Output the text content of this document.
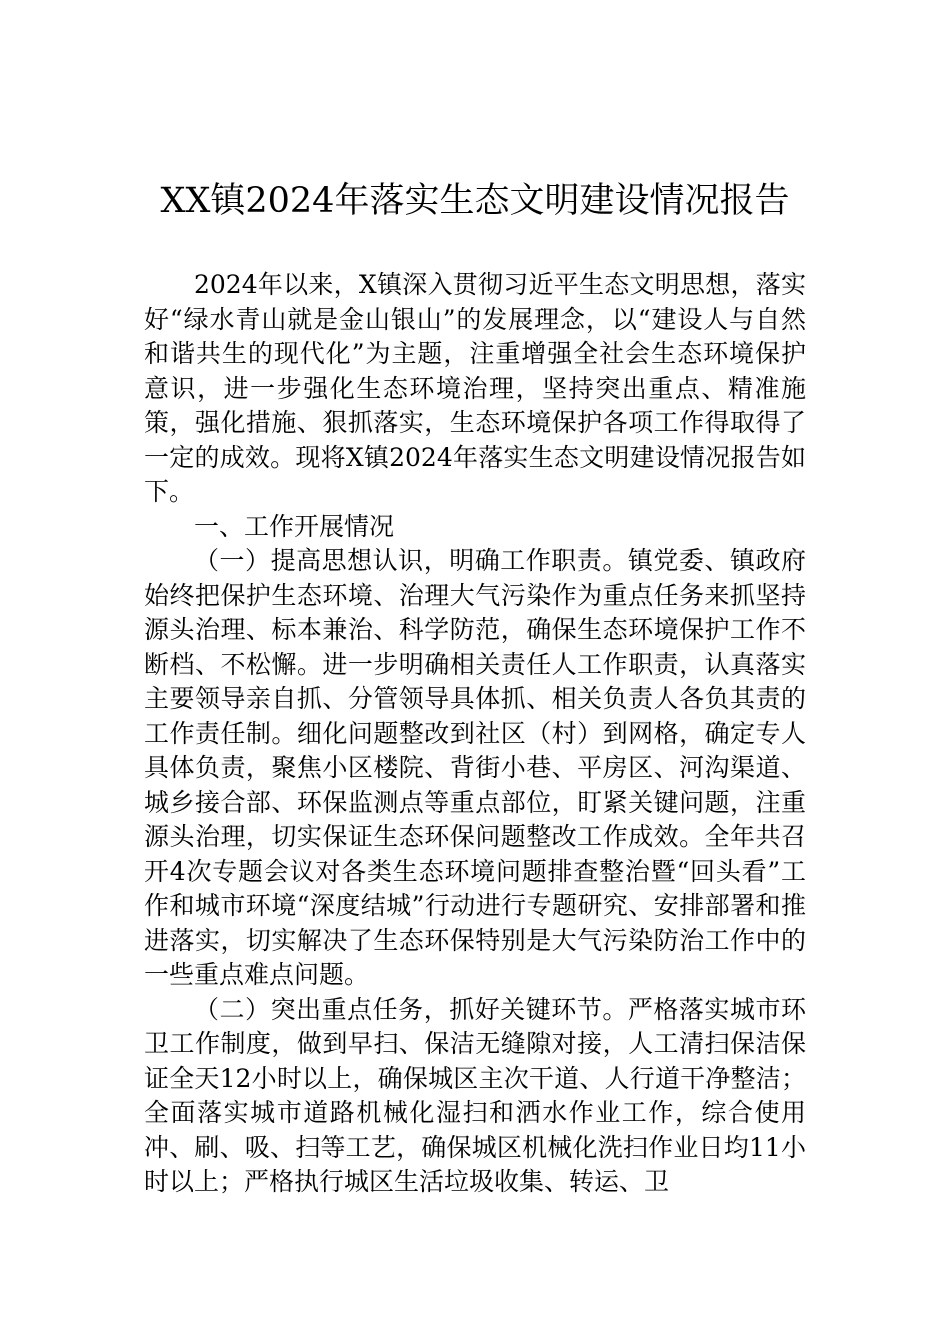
XX镇2024年落实生态文明建设情况报告

2024年以来，X镇深入贯彻习近平生态文明思想，落实好“绿水青山就是金山银山”的发展理念，以“建设人与自然和谐共生的现代化”为主题，注重增强全社会生态环境保护意识，进一步强化生态环境治理，坚持突出重点、精准施策，强化措施、狠抓落实，生态环境保护各项工作得取得了一定的成效。现将X镇2024年落实生态文明建设情况报告如下。

一、工作开展情况

（一）提高思想认识，明确工作职责。镇党委、镇政府始终把保护生态环境、治理大气污染作为重点任务来抓坚持源头治理、标本兼治、科学防范，确保生态环境保护工作不断档、不松懈。进一步明确相关责任人工作职责，认真落实主要领导亲自抓、分管领导具体抓、相关负责人各负其责的工作责任制。细化问题整改到社区（村）到网格，确定专人具体负责，聚焦小区楼院、背街小巷、平房区、河沟渠道、城乡接合部、环保监测点等重点部位，盯紧关键问题，注重源头治理，切实保证生态环保问题整改工作成效。全年共召开4次专题会议对各类生态环境问题排查整治暨“回头看”工作和城市环境“深度结城”行动进行专题研究、安排部署和推进落实，切实解决了生态环保特别是大气污染防治工作中的一些重点难点问题。

（二）突出重点任务，抓好关键环节。严格落实城市环卫工作制度，做到早扫、保洁无缝隙对接，人工清扫保洁保证全天12小时以上，确保城区主次干道、人行道干净整洁；全面落实城市道路机械化湿扫和洒水作业工作，综合使用冲、刷、吸、扫等工艺，确保城区机械化洗扫作业日均11小时以上；严格执行城区生活垃圾收集、转运、卫
